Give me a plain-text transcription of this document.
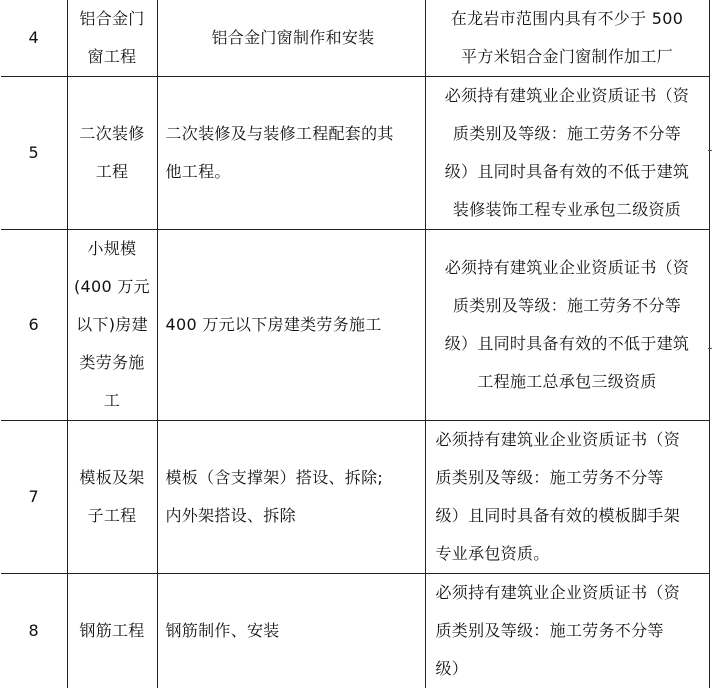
4	铝合金门
窗工程	铝合金门窗制作和安装	在龙岩市范围内具有不少于 500
平方米铝合金门窗制作加工厂

5	二次装修
工程	二次装修及与装修工程配套的其
他工程。	必须持有建筑业企业资质证书（资
质类别及等级：施工劳务不分等
级）且同时具备有效的不低于建筑
装修装饰工程专业承包二级资质

6	小规模
(400 万元
以下)房建
类劳务施
工	400 万元以下房建类劳务施工	必须持有建筑业企业资质证书（资
质类别及等级：施工劳务不分等
级）且同时具备有效的不低于建筑
工程施工总承包三级资质

7	模板及架
子工程	模板（含支撑架）搭设、拆除;
内外架搭设、拆除	必须持有建筑业企业资质证书（资
质类别及等级：施工劳务不分等
级）且同时具备有效的模板脚手架
专业承包资质。

8	钢筋工程	钢筋制作、安装	必须持有建筑业企业资质证书（资
质类别及等级：施工劳务不分等
级）
